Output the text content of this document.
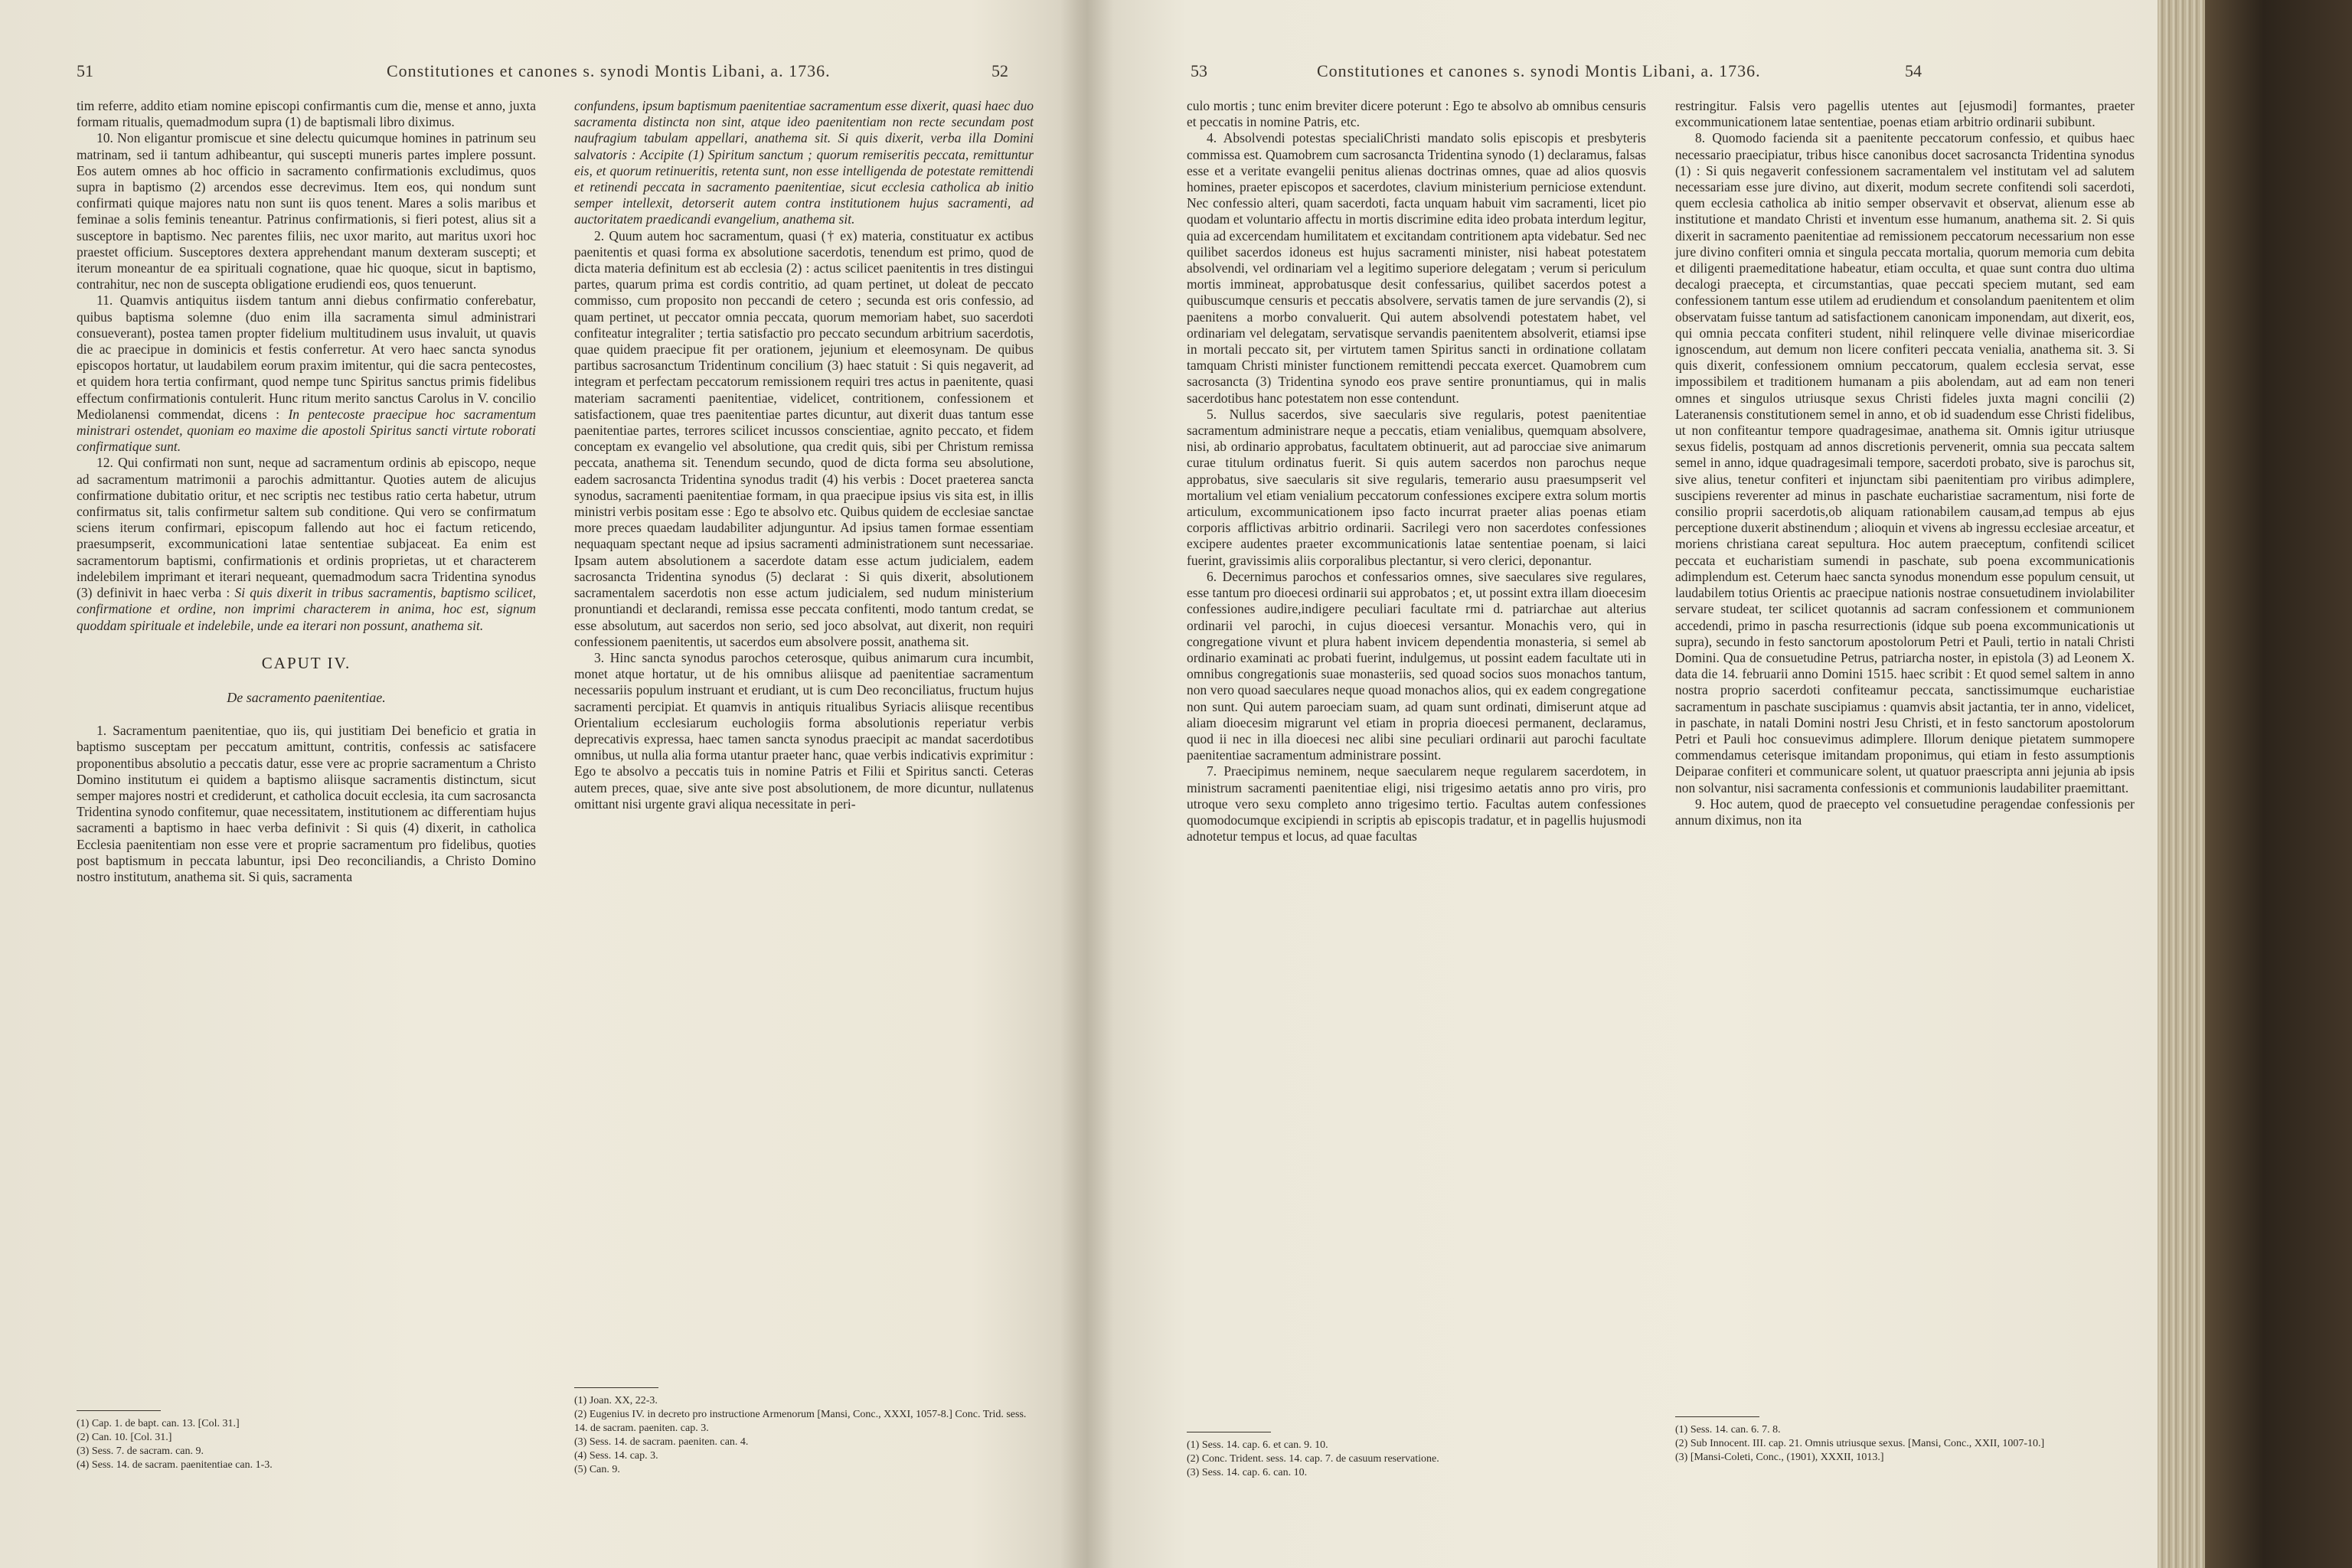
51	Constitutiones et canones s. synodi Montis Libani, a. 1736.	52

tim referre, addito etiam nomine episcopi confirmantis cum die, mense et anno, juxta formam ritualis, quemadmodum supra (1) de baptismali libro diximus.

10. Non eligantur promiscue et sine delectu quicumque homines in patrinum seu matrinam, sed ii tantum adhibeantur, qui suscepti muneris partes implere possunt. Eos autem omnes ab hoc officio in sacramento confirmationis excludimus, quos supra in baptismo (2) arcendos esse decrevimus. Item eos, qui nondum sunt confirmati quique majores natu non sunt iis quos tenent. Mares a solis maribus et feminae a solis feminis teneantur. Patrinus confirmationis, si fieri potest, alius sit a susceptore in baptismo. Nec parentes filiis, nec uxor marito, aut maritus uxori hoc praestet officium. Susceptores dextera apprehendant manum dexteram suscepti; et iterum moneantur de ea spirituali cognatione, quae hic quoque, sicut in baptismo, contrahitur, nec non de suscepta obligatione erudiendi eos, quos tenuerunt.

11. Quamvis antiquitus iisdem tantum anni diebus confirmatio conferebatur, quibus baptisma solemne (duo enim illa sacramenta simul administrari consueverant), postea tamen propter fidelium multitudinem usus invaluit, ut quavis die ac praecipue in dominicis et festis conferretur. At vero haec sancta synodus episcopos hortatur, ut laudabilem eorum praxim imitentur, qui die sacra pentecostes, et quidem hora tertia confirmant, quod nempe tunc Spiritus sanctus primis fidelibus effectum confirmationis contulerit. Hunc ritum merito sanctus Carolus in V. concilio Mediolanensi commendat, dicens : In pentecoste praecipue hoc sacramentum ministrari ostendet, quoniam eo maxime die apostoli Spiritus sancti virtute roborati confirmatique sunt.

12. Qui confirmati non sunt, neque ad sacramentum ordinis ab episcopo, neque ad sacramentum matrimonii a parochis admittantur. Quoties autem de alicujus confirmatione dubitatio oritur, et nec scriptis nec testibus ratio certa habetur, utrum confirmatus sit, talis confirmetur saltem sub conditione. Qui vero se confirmatum sciens iterum confirmari, episcopum fallendo aut hoc ei factum reticendo, praesumpserit, excommunicationi latae sententiae subjaceat. Ea enim est sacramentorum baptismi, confirmationis et ordinis proprietas, ut et characterem indelebilem imprimant et iterari nequeant, quemadmodum sacra Tridentina synodus (3) definivit in haec verba : Si quis dixerit in tribus sacramentis, baptismo scilicet, confirmatione et ordine, non imprimi characterem in anima, hoc est, signum quoddam spirituale et indelebile, unde ea iterari non possunt, anathema sit.

CAPUT IV.
De sacramento paenitentiae.

1. Sacramentum paenitentiae, quo iis, qui justitiam Dei beneficio et gratia in baptismo susceptam per peccatum amittunt, contritis, confessis ac satisfacere proponentibus absolutio a peccatis datur, esse vere ac proprie sacramentum a Christo Domino institutum ei quidem a baptismo aliisque sacramentis distinctum, sicut semper majores nostri et crediderunt, et catholica docuit ecclesia, ita cum sacrosancta Tridentina synodo confitemur, quae necessitatem, institutionem ac differentiam hujus sacramenti a baptismo in haec verba definivit : Si quis (4) dixerit, in catholica Ecclesia paenitentiam non esse vere et proprie sacramentum pro fidelibus, quoties post baptismum in peccata labuntur, ipsi Deo reconciliandis, a Christo Domino nostro institutum, anathema sit. Si quis, sacramenta

(1) Cap. 1. de bapt. can. 13. [Col. 31.]
(2) Can. 10. [Col. 31.]
(3) Sess. 7. de sacram. can. 9.
(4) Sess. 14. de sacram. paenitentiae can. 1-3.

confundens, ipsum baptismum paenitentiae sacramentum esse dixerit, quasi haec duo sacramenta distincta non sint, atque ideo paenitentiam non recte secundam post naufragium tabulam appellari, anathema sit. Si quis dixerit, verba illa Domini salvatoris : Accipite (1) Spiritum sanctum ; quorum remiseritis peccata, remittuntur eis, et quorum retinueritis, retenta sunt, non esse intelligenda de potestate remittendi et retinendi peccata in sacramento paenitentiae, sicut ecclesia catholica ab initio semper intellexit, detorserit autem contra institutionem hujus sacramenti, ad auctoritatem praedicandi evangelium, anathema sit.

2. Quum autem hoc sacramentum, quasi († ex) materia, constituatur ex actibus paenitentis et quasi forma ex absolutione sacerdotis, tenendum est primo, quod de dicta materia definitum est ab ecclesia (2) : actus scilicet paenitentis in tres distingui partes, quarum prima est cordis contritio, ad quam pertinet, ut doleat de peccato commisso, cum proposito non peccandi de cetero ; secunda est oris confessio, ad quam pertinet, ut peccator omnia peccata, quorum memoriam habet, suo sacerdoti confiteatur integraliter ; tertia satisfactio pro peccato secundum arbitrium sacerdotis, quae quidem praecipue fit per orationem, jejunium et eleemosynam. De quibus partibus sacrosanctum Tridentinum concilium (3) haec statuit : Si quis negaverit, ad integram et perfectam peccatorum remissionem requiri tres actus in paenitente, quasi materiam sacramenti paenitentiae, videlicet, contritionem, confessionem et satisfactionem, quae tres paenitentiae partes dicuntur, aut dixerit duas tantum esse paenitentiae partes, terrores scilicet incussos conscientiae, agnito peccato, et fidem conceptam ex evangelio vel absolutione, qua credit quis, sibi per Christum remissa peccata, anathema sit. Tenendum secundo, quod de dicta forma seu absolutione, eadem sacrosancta Tridentina synodus tradit (4) his verbis : Docet praeterea sancta synodus, sacramenti paenitentiae formam, in qua praecipue ipsius vis sita est, in illis ministri verbis positam esse : Ego te absolvo etc. Quibus quidem de ecclesiae sanctae more preces quaedam laudabiliter adjunguntur. Ad ipsius tamen formae essentiam nequaquam spectant neque ad ipsius sacramenti administrationem sunt necessariae. Ipsam autem absolutionem a sacerdote datam esse actum judicialem, eadem sacrosancta Tridentina synodus (5) declarat : Si quis dixerit, absolutionem sacramentalem sacerdotis non esse actum judicialem, sed nudum ministerium pronuntiandi et declarandi, remissa esse peccata confitenti, modo tantum credat, se esse absolutum, aut sacerdos non serio, sed joco absolvat, aut dixerit, non requiri confessionem paenitentis, ut sacerdos eum absolvere possit, anathema sit.

3. Hinc sancta synodus parochos ceterosque, quibus animarum cura incumbit, monet atque hortatur, ut de his omnibus aliisque ad paenitentiae sacramentum necessariis populum instruant et erudiant, ut is cum Deo reconciliatus, fructum hujus sacramenti percipiat. Et quamvis in antiquis ritualibus Syriacis aliisque recentibus Orientalium ecclesiarum euchologiis forma absolutionis reperiatur verbis deprecativis expressa, haec tamen sancta synodus praecipit ac mandat sacerdotibus omnibus, ut nulla alia forma utantur praeter hanc, quae verbis indicativis exprimitur : Ego te absolvo a peccatis tuis in nomine Patris et Filii et Spiritus sancti. Ceteras autem preces, quae, sive ante sive post absolutionem, de more dicuntur, nullatenus omittant nisi urgente gravi aliqua necessitate in peri-

(1) Joan. XX, 22-3.
(2) Eugenius IV. in decreto pro instructione Armenorum [Mansi, Conc., XXXI, 1057-8.] Conc. Trid. sess. 14. de sacram. paeniten. cap. 3.
(3) Sess. 14. de sacram. paeniten. can. 4.
(4) Sess. 14. cap. 3.
(5) Can. 9.
53	Constitutiones et canones s. synodi Montis Libani, a. 1736.	54

culo mortis ; tunc enim breviter dicere poterunt : Ego te absolvo ab omnibus censuris et peccatis in nomine Patris, etc.

4. Absolvendi potestas specialiChristi mandato solis episcopis et presbyteris commissa est. Quamobrem cum sacrosancta Tridentina synodo (1) declaramus, falsas esse et a veritate evangelii penitus alienas doctrinas omnes, quae ad alios quosvis homines, praeter episcopos et sacerdotes, clavium ministerium perniciose extendunt. Nec confessio alteri, quam sacerdoti, facta unquam habuit vim sacramenti, licet pio quodam et voluntario affectu in mortis discrimine edita ideo probata interdum legitur, quia ad excercendam humilitatem et excitandam contritionem apta videbatur. Sed nec quilibet sacerdos idoneus est hujus sacramenti minister, nisi habeat potestatem absolvendi, vel ordinariam vel a legitimo superiore delegatam ; verum si periculum mortis immineat, approbatusque desit confessarius, quilibet sacerdos potest a quibuscumque censuris et peccatis absolvere, servatis tamen de jure servandis (2), si paenitens a morbo convaluerit. Qui autem absolvendi potestatem habet, vel ordinariam vel delegatam, servatisque servandis paenitentem absolverit, etiamsi ipse in mortali peccato sit, per virtutem tamen Spiritus sancti in ordinatione collatam tamquam Christi minister functionem remittendi peccata exercet. Quamobrem cum sacrosancta (3) Tridentina synodo eos prave sentire pronuntiamus, qui in malis sacerdotibus hanc potestatem non esse contendunt.

5. Nullus sacerdos, sive saecularis sive regularis, potest paenitentiae sacramentum administrare neque a peccatis, etiam venialibus, quemquam absolvere, nisi, ab ordinario approbatus, facultatem obtinuerit, aut ad parocciae sive animarum curae titulum ordinatus fuerit. Si quis autem sacerdos non parochus neque approbatus, sive saecularis sit sive regularis, temerario ausu praesumpserit vel mortalium vel etiam venialium peccatorum confessiones excipere extra solum mortis articulum, excommunicationem ipso facto incurrat praeter alias poenas etiam corporis afflictivas arbitrio ordinarii. Sacrilegi vero non sacerdotes confessiones excipere audentes praeter excommunicationis latae sententiae poenam, si laici fuerint, gravissimis aliis corporalibus plectantur, si vero clerici, deponantur.

6. Decernimus parochos et confessarios omnes, sive saeculares sive regulares, esse tantum pro dioecesi ordinarii sui approbatos ; et, ut possint extra illam dioecesim confessiones audire,indigere peculiari facultate rmi d. patriarchae aut alterius ordinarii vel parochi, in cujus dioecesi versantur. Monachis vero, qui in congregatione vivunt et plura habent invicem dependentia monasteria, si semel ab ordinario examinati ac probati fuerint, indulgemus, ut possint eadem facultate uti in omnibus congregationis suae monasteriis, sed quoad socios suos monachos tantum, non vero quoad saeculares neque quoad monachos alios, qui ex eadem congregatione non sunt. Qui autem paroeciam suam, ad quam sunt ordinati, dimiserunt atque ad aliam dioecesim migrarunt vel etiam in propria dioecesi permanent, declaramus, quod ii nec in illa dioecesi nec alibi sine peculiari ordinarii aut parochi facultate paenitentiae sacramentum administrare possint.

7. Praecipimus neminem, neque saecularem neque regularem sacerdotem, in ministrum sacramenti paenitentiae eligi, nisi trigesimo aetatis anno pro viris, pro utroque vero sexu completo anno trigesimo tertio. Facultas autem confessiones quomodocumque excipiendi in scriptis ab episcopis tradatur, et in pagellis hujusmodi adnotetur tempus et locus, ad quae facultas

(1) Sess. 14. cap. 6. et can. 9. 10.
(2) Conc. Trident. sess. 14. cap. 7. de casuum reservatione.
(3) Sess. 14. cap. 6. can. 10.

restringitur. Falsis vero pagellis utentes aut [ejusmodi] formantes, praeter excommunicationem latae sententiae, poenas etiam arbitrio ordinarii subibunt.

8. Quomodo facienda sit a paenitente peccatorum confessio, et quibus haec necessario praecipiatur, tribus hisce canonibus docet sacrosancta Tridentina synodus (1) : Si quis negaverit confessionem sacramentalem vel institutam vel ad salutem necessariam esse jure divino, aut dixerit, modum secrete confitendi soli sacerdoti, quem ecclesia catholica ab initio semper observavit et observat, alienum esse ab institutione et mandato Christi et inventum esse humanum, anathema sit. 2. Si quis dixerit in sacramento paenitentiae ad remissionem peccatorum necessarium non esse jure divino confiteri omnia et singula peccata mortalia, quorum memoria cum debita et diligenti praemeditatione habeatur, etiam occulta, et quae sunt contra duo ultima decalogi praecepta, et circumstantias, quae peccati speciem mutant, sed eam confessionem tantum esse utilem ad erudiendum et consolandum paenitentem et olim observatam fuisse tantum ad satisfactionem canonicam imponendam, aut dixerit, eos, qui omnia peccata confiteri student, nihil relinquere velle divinae misericordiae ignoscendum, aut demum non licere confiteri peccata venialia, anathema sit. 3. Si quis dixerit, confessionem omnium peccatorum, qualem ecclesia servat, esse impossibilem et traditionem humanam a piis abolendam, aut ad eam non teneri omnes et singulos utriusque sexus Christi fideles juxta magni concilii (2) Lateranensis constitutionem semel in anno, et ob id suadendum esse Christi fidelibus, ut non confiteantur tempore quadragesimae, anathema sit. Omnis igitur utriusque sexus fidelis, postquam ad annos discretionis pervenerit, omnia sua peccata saltem semel in anno, idque quadragesimali tempore, sacerdoti probato, sive is parochus sit, sive alius, tenetur confiteri et injunctam sibi paenitentiam pro viribus adimplere, suscipiens reverenter ad minus in paschate eucharistiae sacramentum, nisi forte de consilio proprii sacerdotis,ob aliquam rationabilem causam,ad tempus ab ejus perceptione duxerit abstinendum ; alioquin et vivens ab ingressu ecclesiae arceatur, et moriens christiana careat sepultura. Hoc autem praeceptum, confitendi scilicet peccata et eucharistiam sumendi in paschate, sub poena excommunicationis adimplendum est. Ceterum haec sancta synodus monendum esse populum censuit, ut laudabilem totius Orientis ac praecipue nationis nostrae consuetudinem inviolabiliter servare studeat, ter scilicet quotannis ad sacram confessionem et communionem accedendi, primo in pascha resurrectionis (idque sub poena excommunicationis ut supra), secundo in festo sanctorum apostolorum Petri et Pauli, tertio in natali Christi Domini. Qua de consuetudine Petrus, patriarcha noster, in epistola (3) ad Leonem X. data die 14. februarii anno Domini 1515. haec scribit : Et quod semel saltem in anno nostra proprio sacerdoti confiteamur peccata, sanctissimumque eucharistiae sacramentum in paschate suscipiamus : quamvis absit jactantia, ter in anno, videlicet, in paschate, in natali Domini nostri Jesu Christi, et in festo sanctorum apostolorum Petri et Pauli hoc consuevimus adimplere. Illorum denique pietatem summopere commendamus ceterisque imitandam proponimus, qui etiam in festo assumptionis Deiparae confiteri et communicare solent, ut quatuor praescripta anni jejunia ab ipsis non solvantur, nisi sacramenta confessionis et communionis laudabiliter praemittant.

9. Hoc autem, quod de praecepto vel consuetudine peragendae confessionis per annum diximus, non ita

(1) Sess. 14. can. 6. 7. 8.
(2) Sub Innocent. III. cap. 21. Omnis utriusque sexus. [Mansi, Conc., XXII, 1007-10.]
(3) [Mansi-Coleti, Conc., (1901), XXXII, 1013.]
